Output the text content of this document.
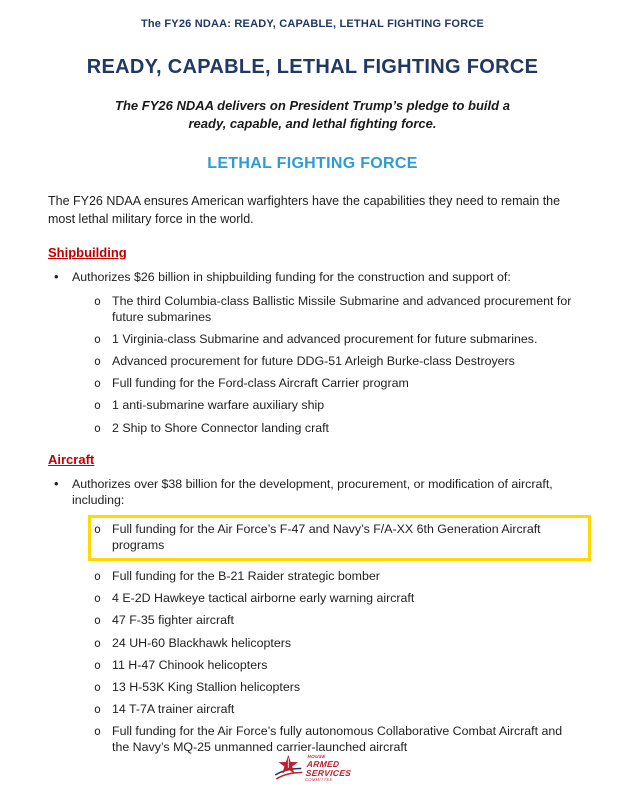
The FY26 NDAA: READY, CAPABLE, LETHAL FIGHTING FORCE
READY, CAPABLE, LETHAL FIGHTING FORCE

The FY26 NDAA delivers on President Trump’s pledge to build a ready, capable, and lethal fighting force.

LETHAL FIGHTING FORCE

The FY26 NDAA ensures American warfighters have the capabilities they need to remain the most lethal military force in the world.

Shipbuilding
•
Authorizes $26 billion in shipbuilding funding for the construction and support of:
o
The third Columbia-class Ballistic Missile Submarine and advanced procurement for future submarines
o
1 Virginia-class Submarine and advanced procurement for future submarines.
o
Advanced procurement for future DDG-51 Arleigh Burke-class Destroyers
o
Full funding for the Ford-class Aircraft Carrier program
o
1 anti-submarine warfare auxiliary ship
o
2 Ship to Shore Connector landing craft
Aircraft
•
Authorizes over $38 billion for the development, procurement, or modification of aircraft, including:
o
Full funding for the Air Force’s F-47 and Navy’s F/A-XX 6th Generation Aircraft programs
o
Full funding for the B-21 Raider strategic bomber
o
4 E-2D Hawkeye tactical airborne early warning aircraft
o
47 F-35 fighter aircraft
o
24 UH-60 Blackhawk helicopters
o
11 H-47 Chinook helicopters
o
13 H-53K King Stallion helicopters
o
14 T-7A trainer aircraft
o
Full funding for the Air Force’s fully autonomous Collaborative Combat Aircraft and the Navy’s MQ-25 unmanned carrier-launched aircraft
HOUSE
ARMED
SERVICES
COMMITTEE
